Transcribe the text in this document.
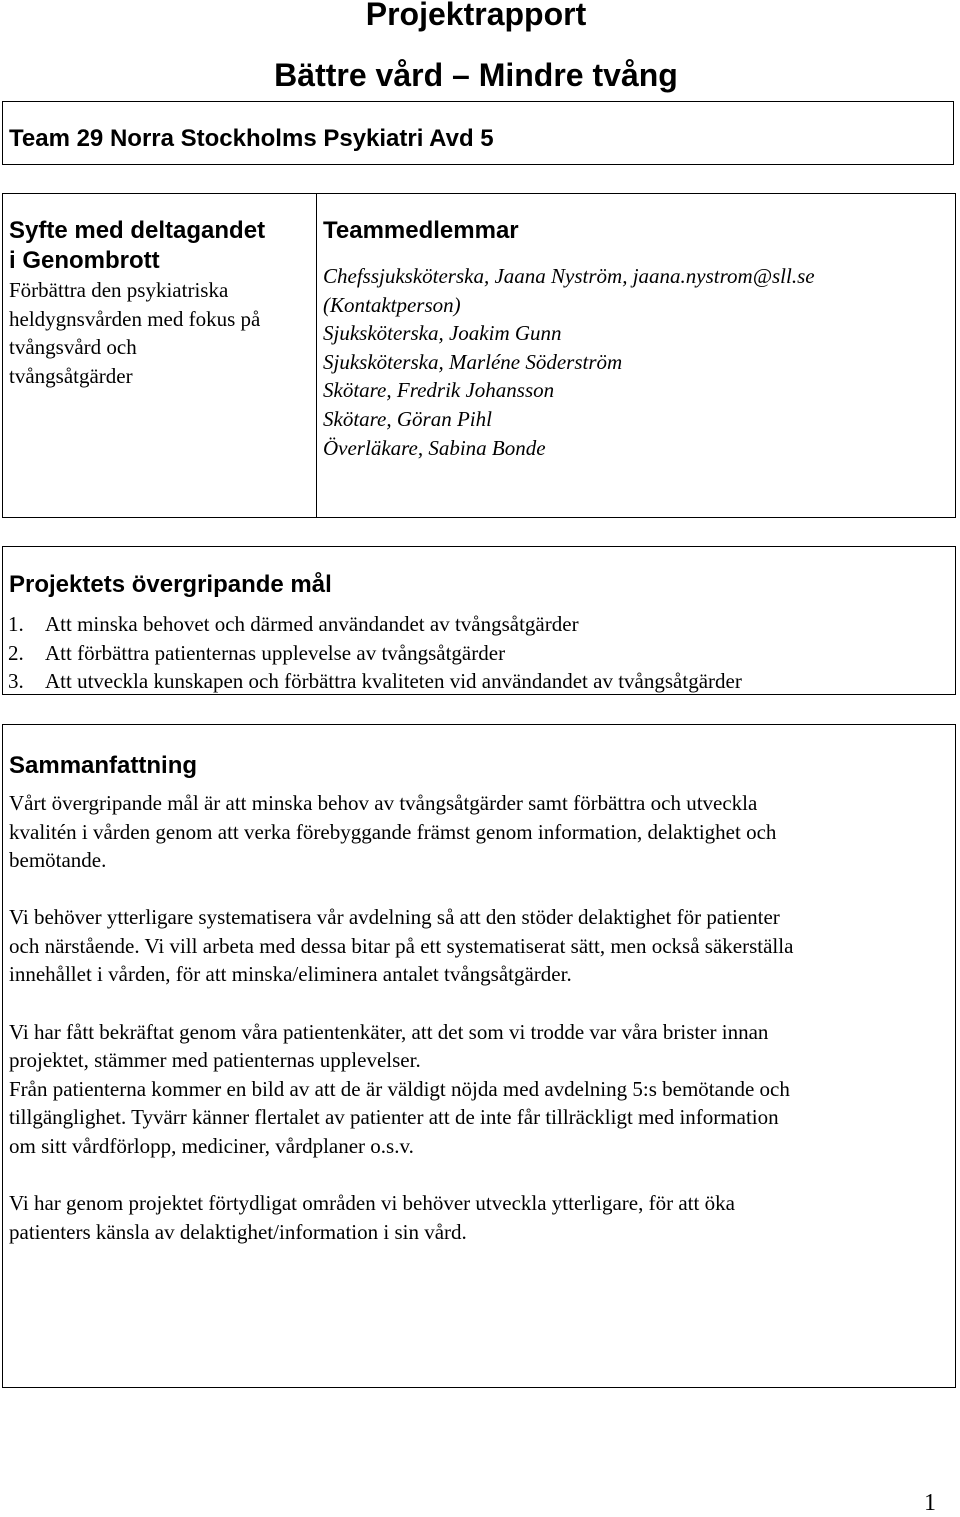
Projektrapport
Bättre vård – Mindre tvång
Team 29 Norra Stockholms Psykiatri Avd 5
Syfte med deltagandet
i Genombrott
Förbättra den psykiatriska
heldygnsvården med fokus på
tvångsvård och
tvångsåtgärder
Teammedlemmar
Chefssjuksköterska, Jaana Nyström, jaana.nystrom@sll.se
(Kontaktperson)
Sjuksköterska, Joakim Gunn
Sjuksköterska, Marléne Söderström
Skötare, Fredrik Johansson
Skötare, Göran Pihl
Överläkare, Sabina Bonde
Projektets övergripande mål
1. Att minska behovet och därmed användandet av tvångsåtgärder
2. Att förbättra patienternas upplevelse av tvångsåtgärder
3. Att utveckla kunskapen och förbättra kvaliteten vid användandet av tvångsåtgärder
Sammanfattning

Vårt övergripande mål är att minska behov av tvångsåtgärder samt förbättra och utveckla
kvalitén i vården genom att verka förebyggande främst genom information, delaktighet och
bemötande.

Vi behöver ytterligare systematisera vår avdelning så att den stöder delaktighet för patienter
och närstående. Vi vill arbeta med dessa bitar på ett systematiserat sätt, men också säkerställa
innehållet i vården, för att minska/eliminera antalet tvångsåtgärder.

Vi har fått bekräftat genom våra patientenkäter, att det som vi trodde var våra brister innan
projektet, stämmer med patienternas upplevelser.
Från patienterna kommer en bild av att de är väldigt nöjda med avdelning 5:s bemötande och
tillgänglighet. Tyvärr känner flertalet av patienter att de inte får tillräckligt med information
om sitt vårdförlopp, mediciner, vårdplaner o.s.v.

Vi har genom projektet förtydligat områden vi behöver utveckla ytterligare, för att öka
patienters känsla av delaktighet/information i sin vård.

1
